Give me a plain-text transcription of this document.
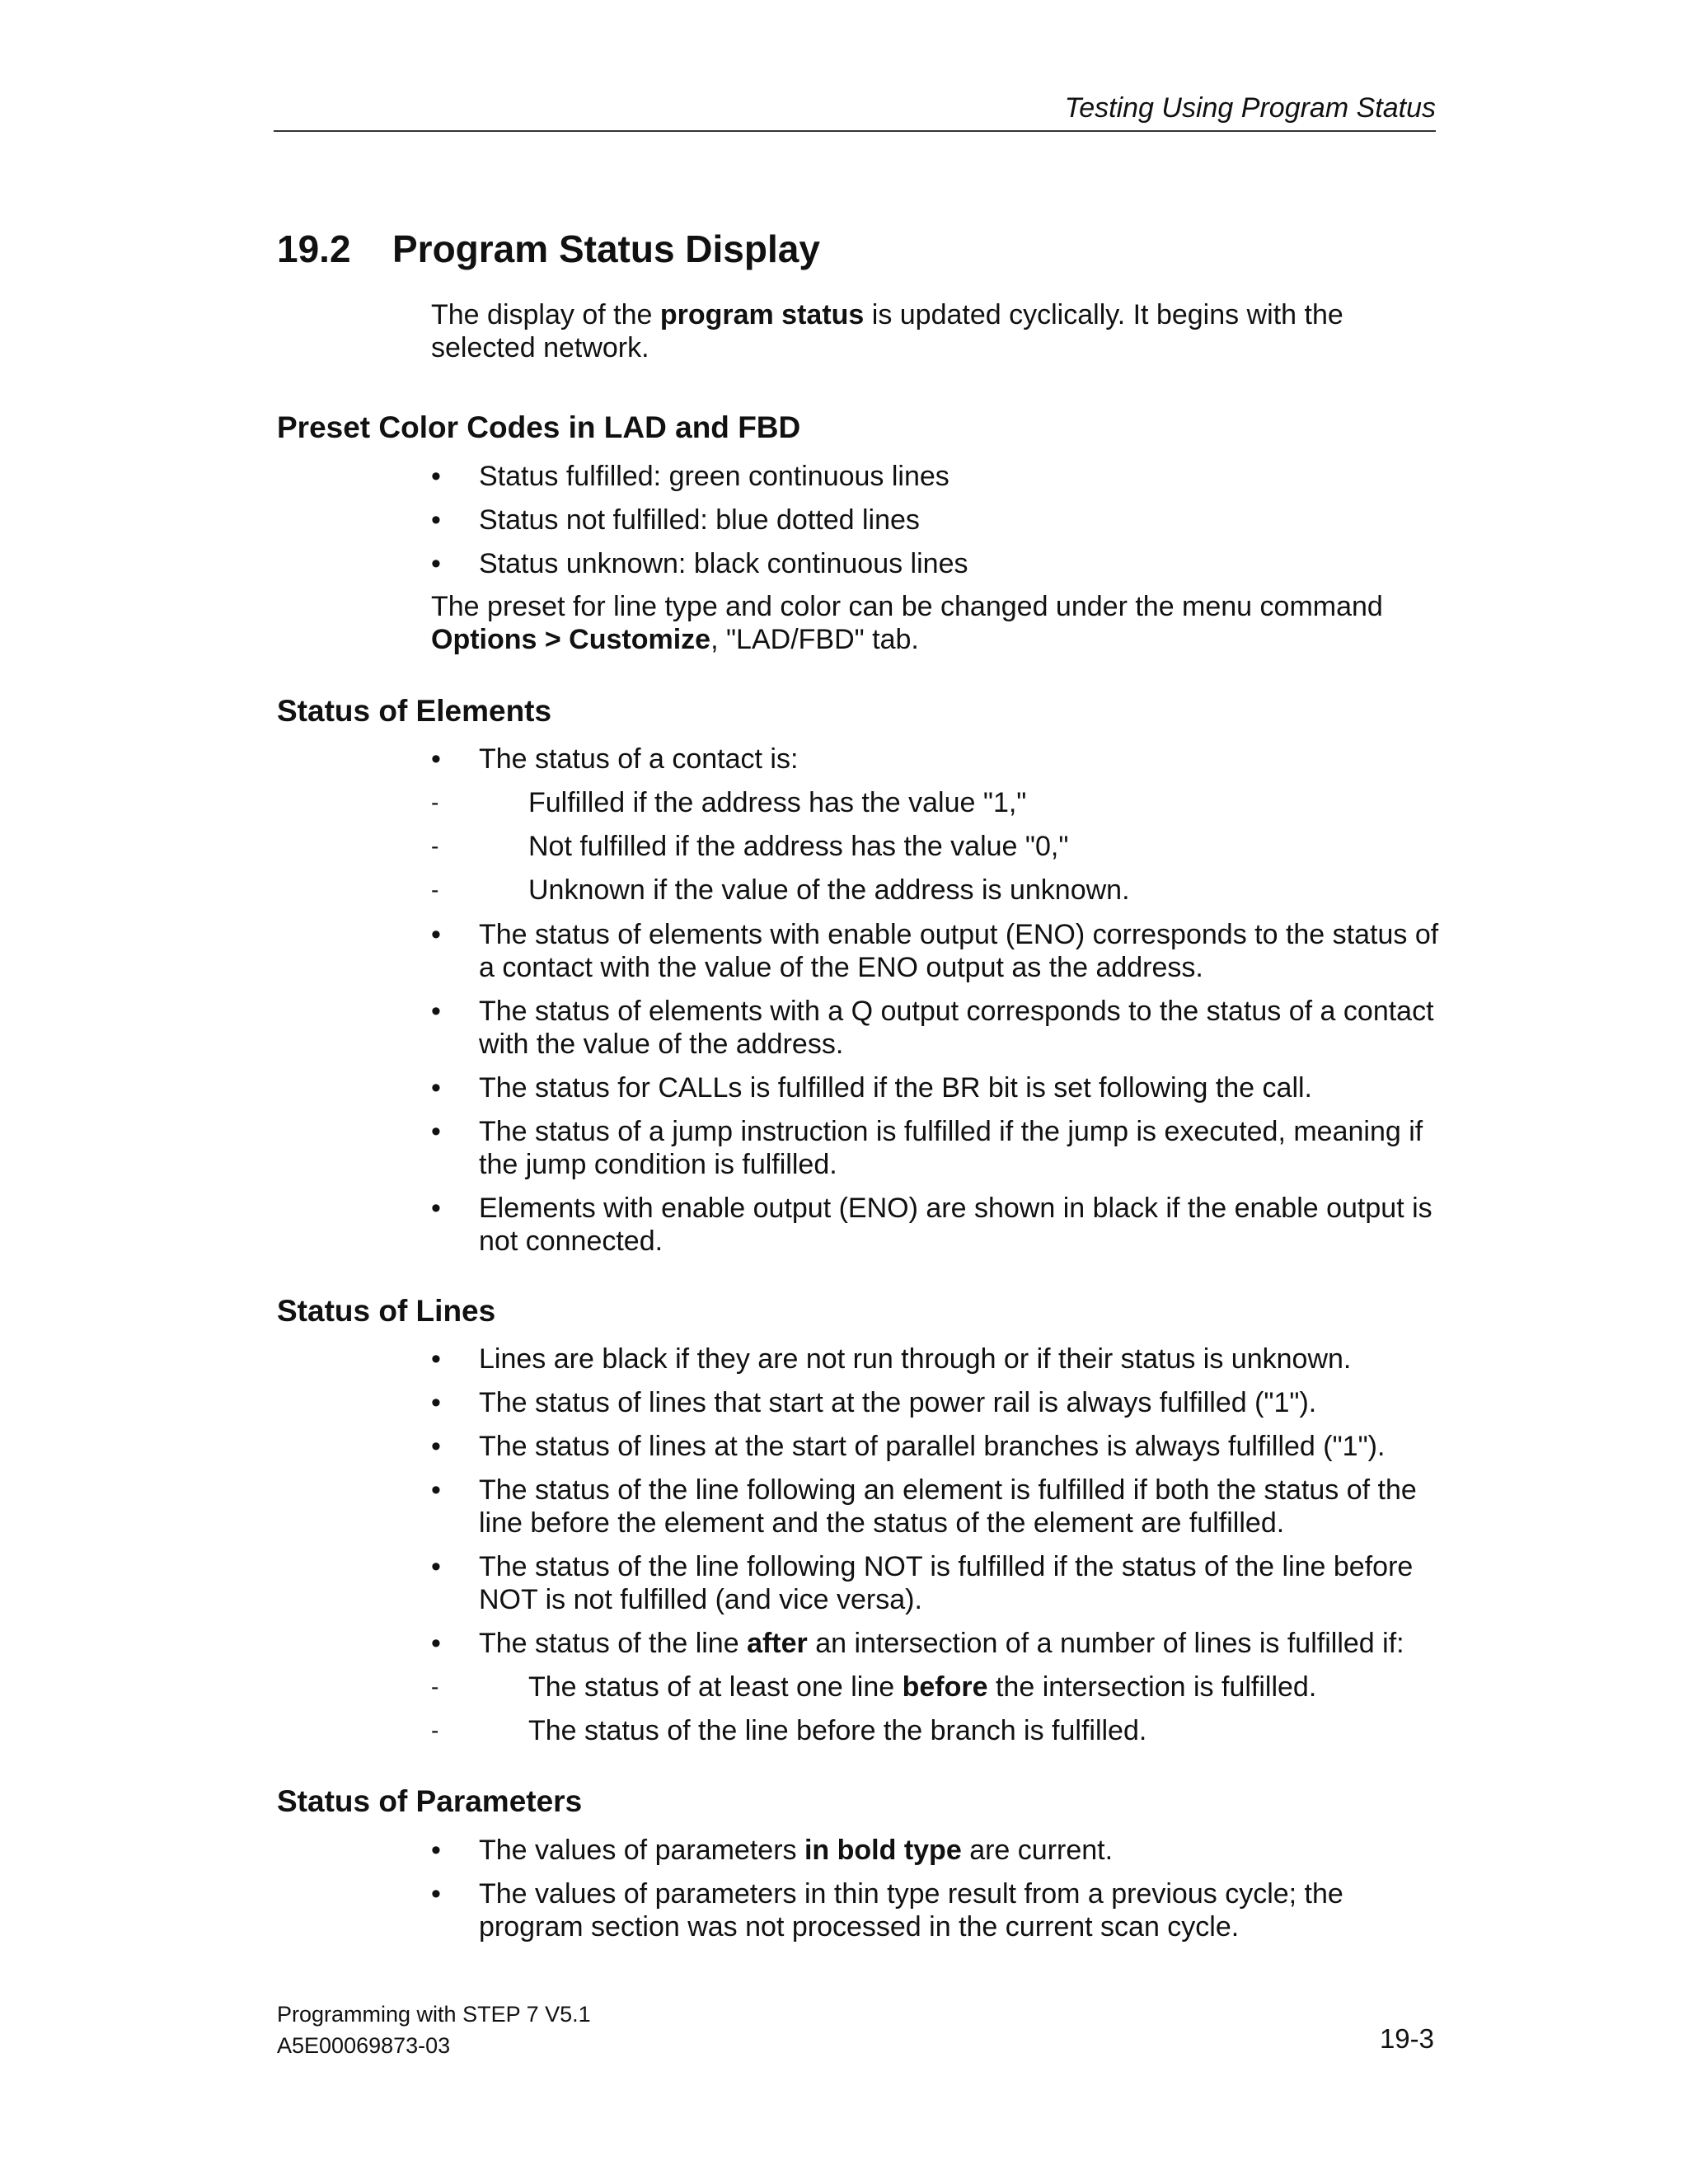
Testing Using Program Status
19.2 Program Status Display

The display of the program status is updated cyclically. It begins with the selected network.

Preset Color Codes in LAD and FBD
•	Status fulfilled: green continuous lines
•	Status not fulfilled: blue dotted lines
•	Status unknown: black continuous lines

The preset for line type and color can be changed under the menu command Options > Customize, "LAD/FBD" tab.

Status of Elements
•	The status of a contact is:
-	Fulfilled if the address has the value "1,"
-	Not fulfilled if the address has the value "0,"
-	Unknown if the value of the address is unknown.
•	The status of elements with enable output (ENO) corresponds to the status of a contact with the value of the ENO output as the address.
•	The status of elements with a Q output corresponds to the status of a contact with the value of the address.
•	The status for CALLs is fulfilled if the BR bit is set following the call.
•	The status of a jump instruction is fulfilled if the jump is executed, meaning if the jump condition is fulfilled.
•	Elements with enable output (ENO) are shown in black if the enable output is not connected.
Status of Lines
•	Lines are black if they are not run through or if their status is unknown.
•	The status of lines that start at the power rail is always fulfilled ("1").
•	The status of lines at the start of parallel branches is always fulfilled ("1").
•	The status of the line following an element is fulfilled if both the status of the line before the element and the status of the element are fulfilled.
•	The status of the line following NOT is fulfilled if the status of the line before NOT is not fulfilled (and vice versa).
•	The status of the line after an intersection of a number of lines is fulfilled if:
-	The status of at least one line before the intersection is fulfilled.
-	The status of the line before the branch is fulfilled.
Status of Parameters
•	The values of parameters in bold type are current.
•	The values of parameters in thin type result from a previous cycle; the program section was not processed in the current scan cycle.
Programming with STEP 7 V5.1
A5E00069873-03	19-3
